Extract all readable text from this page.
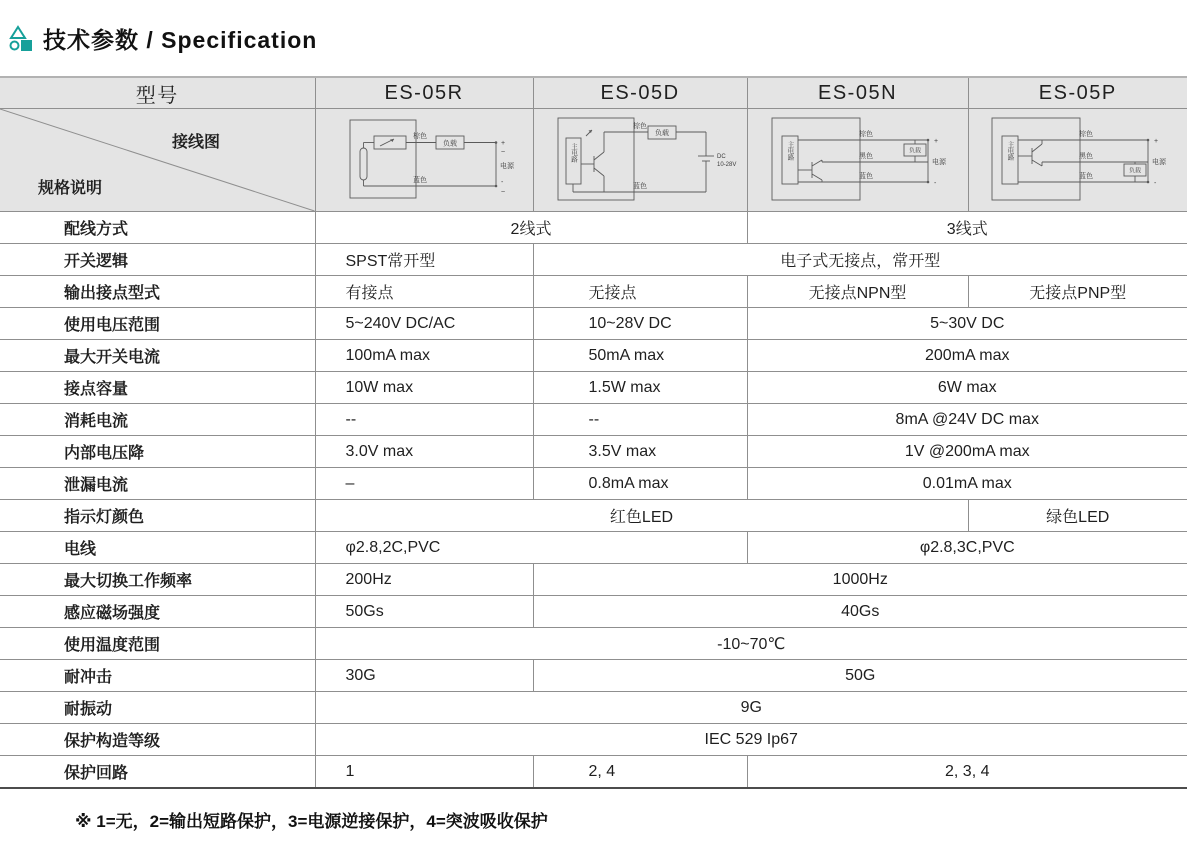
技术参数 / Specification
型号	ES-05R	ES-05D	ES-05N	ES-05P

接线图
规格说明

棕色
负载
蓝色
+
~
电源
-
~

主电路
棕色
负载
DC
10-28V
蓝色

主电路
棕色
黑色
蓝色
负载
+
电源
-

主电路
棕色
黑色
蓝色
负载
+
电源
-

配线方式	2线式		3线式	
开关逻辑	SPST常开型	电子式无接点，常开型		
输出接点型式	有接点	无接点	无接点NPN型	无接点PNP型
使用电压范围	5~240V DC/AC	10~28V DC	5~30V DC	
最大开关电流	100mA max	50mA max	200mA max	
接点容量	10W max	1.5W max	6W max	
消耗电流	--	--	8mA @24V DC max	
内部电压降	3.0V max	3.5V max	1V @200mA max	
泄漏电流	–	0.8mA max	0.01mA max	
指示灯颜色	红色LED			绿色LED
电线	φ2.8,2C,PVC		φ2.8,3C,PVC	
最大切换工作频率	200Hz	1000Hz		
感应磁场强度	50Gs	40Gs		
使用温度范围	-10~70℃			
耐冲击	30G	50G		
耐振动	9G			
保护构造等级	IEC 529 Ip67			
保护回路	1	2, 4	2, 3, 4	
※ 1=无，2=输出短路保护，3=电源逆接保护，4=突波吸收保护
